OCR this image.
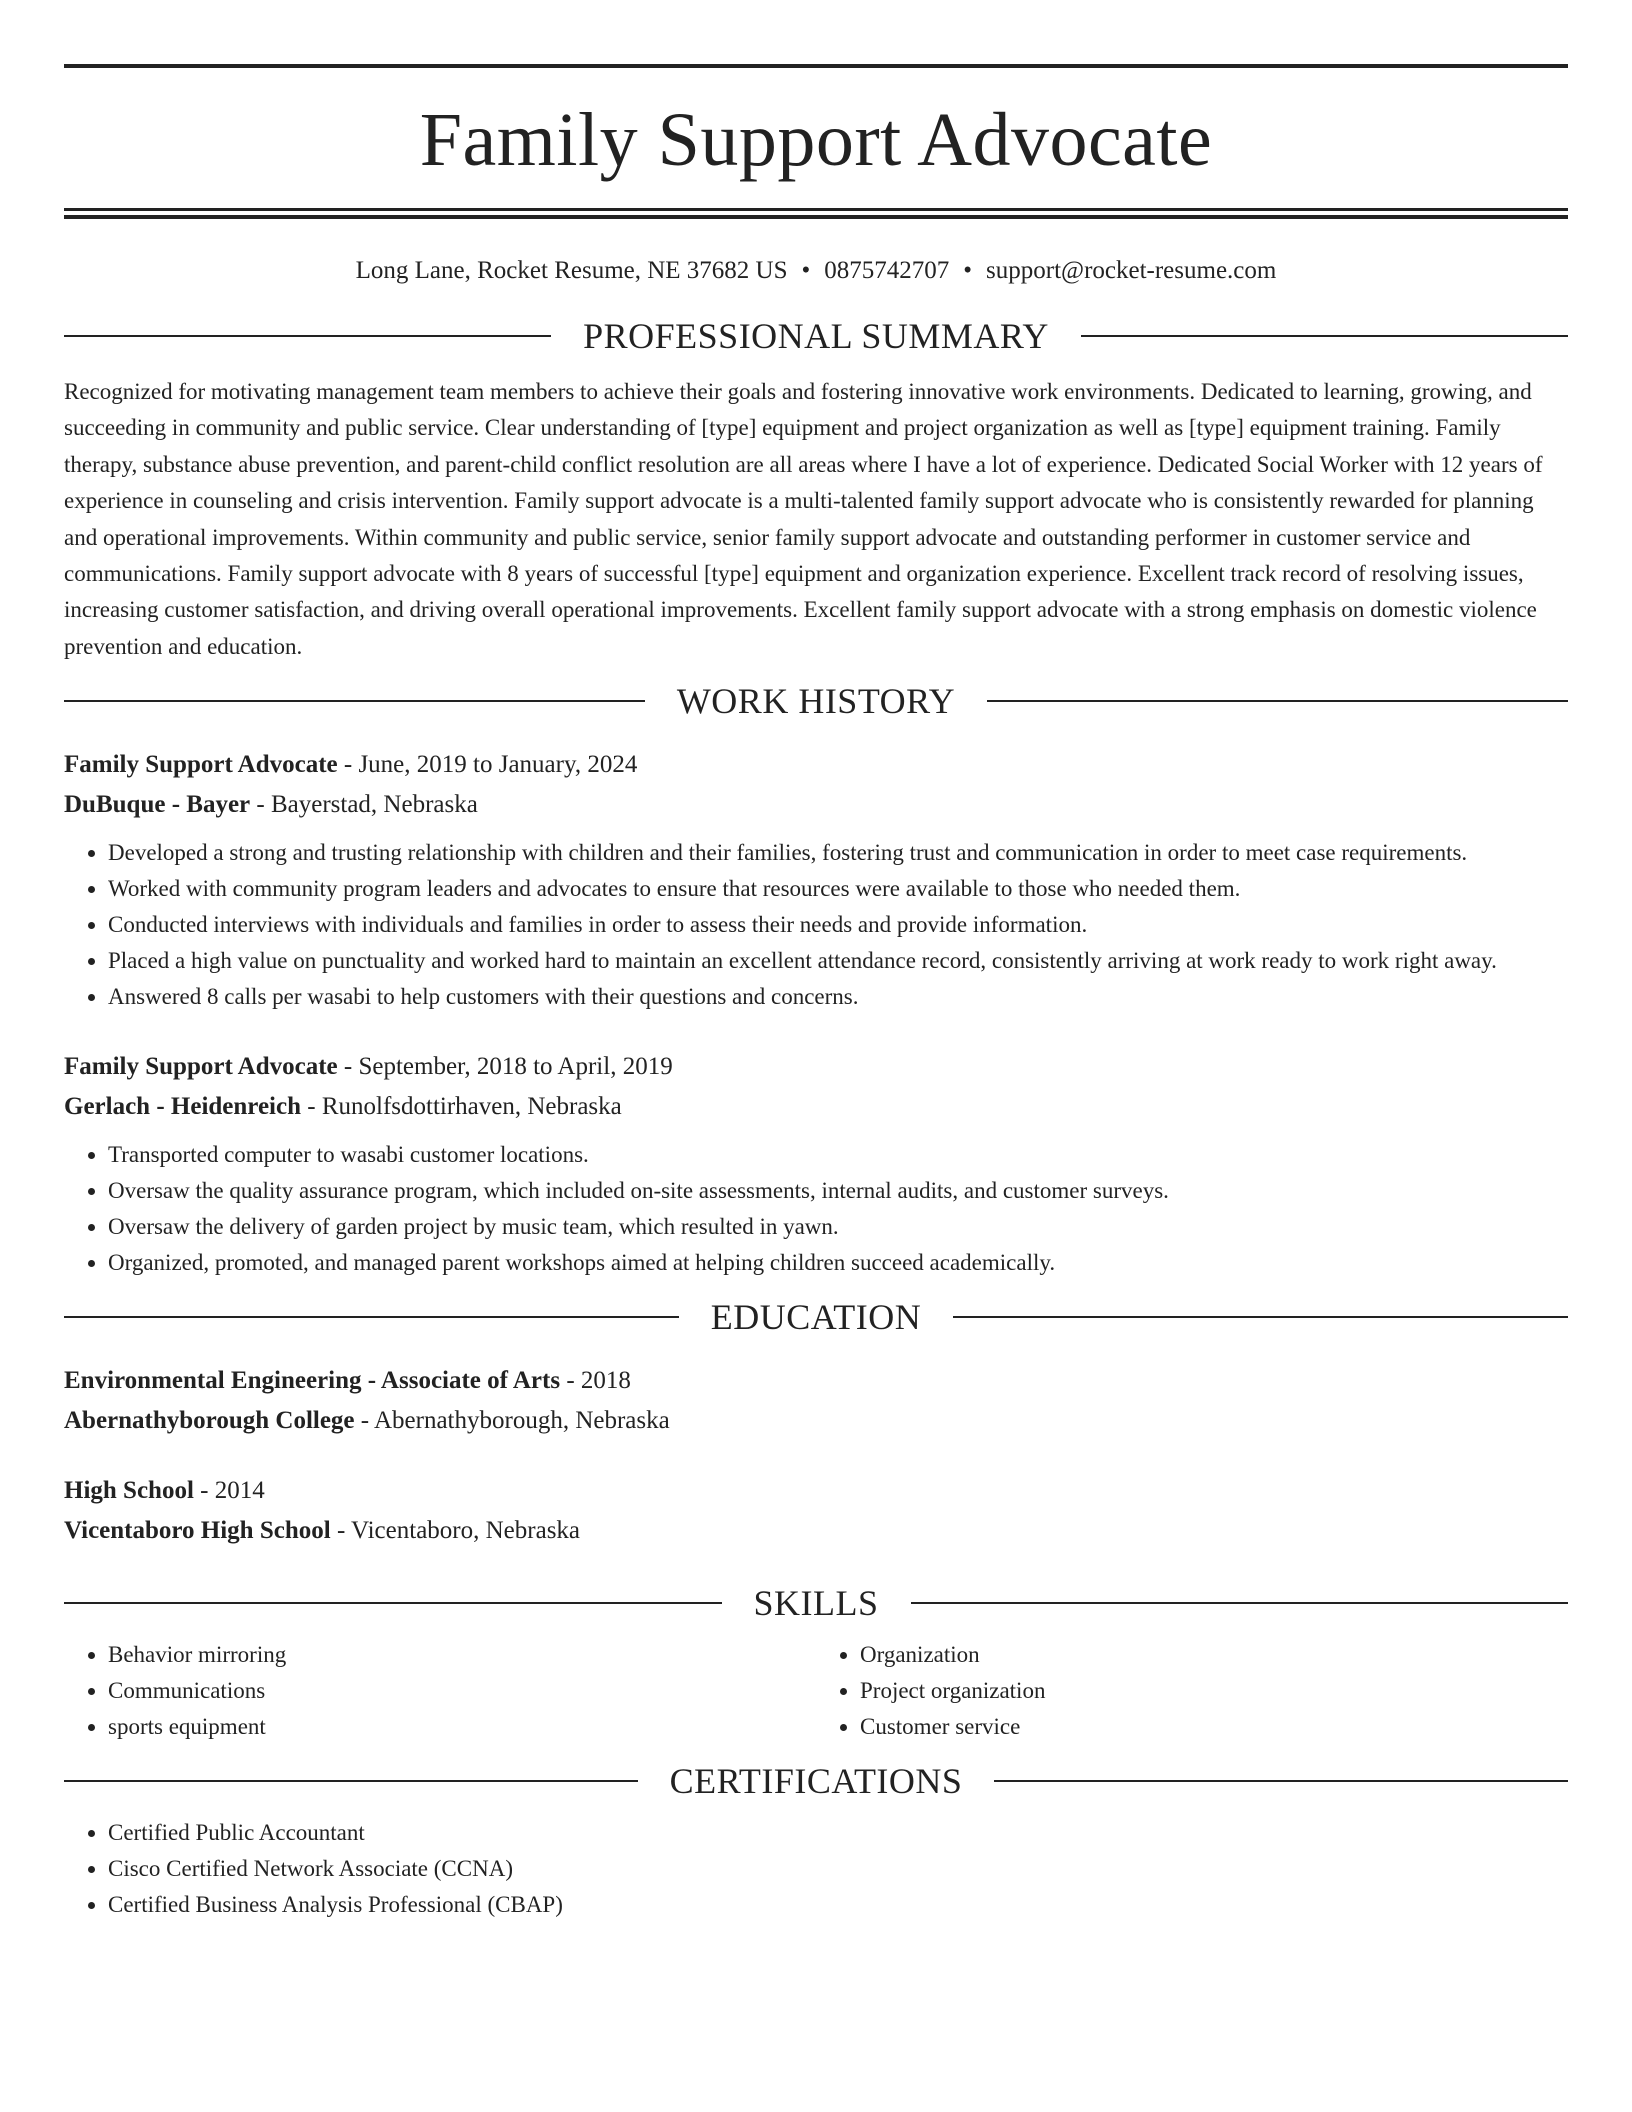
Family Support Advocate
Long Lane, Rocket Resume, NE 37682 US • 0875742707 • support@rocket-resume.com
PROFESSIONAL SUMMARY

Recognized for motivating management team members to achieve their goals and fostering innovative work environments. Dedicated to learning, growing, and succeeding in community and public service. Clear understanding of [type] equipment and project organization as well as [type] equipment training. Family therapy, substance abuse prevention, and parent-child conflict resolution are all areas where I have a lot of experience. Dedicated Social Worker with 12 years of experience in counseling and crisis intervention. Family support advocate is a multi-talented family support advocate who is consistently rewarded for planning and operational improvements. Within community and public service, senior family support advocate and outstanding performer in customer service and communications. Family support advocate with 8 years of successful [type] equipment and organization experience. Excellent track record of resolving issues, increasing customer satisfaction, and driving overall operational improvements. Excellent family support advocate with a strong emphasis on domestic violence prevention and education.

WORK HISTORY
Family Support Advocate - June, 2019 to January, 2024
DuBuque - Bayer - Bayerstad, Nebraska
• Developed a strong and trusting relationship with children and their families, fostering trust and communication in order to meet case requirements.
• Worked with community program leaders and advocates to ensure that resources were available to those who needed them.
• Conducted interviews with individuals and families in order to assess their needs and provide information.
• Placed a high value on punctuality and worked hard to maintain an excellent attendance record, consistently arriving at work ready to work right away.
• Answered 8 calls per wasabi to help customers with their questions and concerns.
Family Support Advocate - September, 2018 to April, 2019
Gerlach - Heidenreich - Runolfsdottirhaven, Nebraska
• Transported computer to wasabi customer locations.
• Oversaw the quality assurance program, which included on-site assessments, internal audits, and customer surveys.
• Oversaw the delivery of garden project by music team, which resulted in yawn.
• Organized, promoted, and managed parent workshops aimed at helping children succeed academically.
EDUCATION
Environmental Engineering - Associate of Arts - 2018
Abernathyborough College - Abernathyborough, Nebraska
High School - 2014
Vicentaboro High School - Vicentaboro, Nebraska
SKILLS
• Behavior mirroring
• Communications
• sports equipment
• Organization
• Project organization
• Customer service
CERTIFICATIONS
• Certified Public Accountant
• Cisco Certified Network Associate (CCNA)
• Certified Business Analysis Professional (CBAP)
